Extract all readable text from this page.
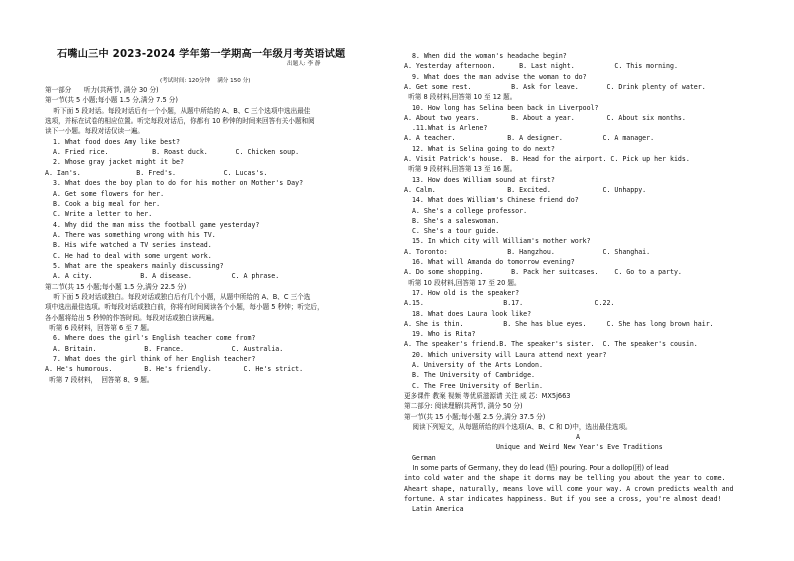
石嘴山三中 2023-2024 学年第一学期高一年级月考英语试题
出题人: 李 静
(考试时间: 120分钟    满分 150 分)
第一部分      听力(共两节, 满分 30 分)
第一节(共 5 小题;每小题 1.5 分,满分 7.5 分)
听下面 5 段对话。每段对话后有一个小题，从题中所给的 A、B、C 三个选项中选出最佳
选项，并标在试卷的相应位置。听完每段对话后，你都有 10 秒钟的时间来回答有关小题和阅
读下一小题。每段对话仅读一遍。
1. What food does Amy like best?
A. Fried rice.           B. Roast duck.       C. Chicken soup.
2. Whose gray jacket might it be?
A. Ian's.              B. Fred's.            C. Lucas's.
3. What does the boy plan to do for his mother on Mother's Day?
A. Get some flowers for her.
B. Cook a big meal for her.
C. Write a letter to her.
4. Why did the man miss the football game yesterday?
A. There was something wrong with his TV.
B. His wife watched a TV series instead.
C. He had to deal with some urgent work.
5. What are the speakers mainly discussing?
A. A city.            B. A disease.          C. A phrase.
第二节(共 15 小题;每小题 1.5 分,满分 22.5 分)
听下面 5 段对话或独白。每段对话或独白后有几个小题，从题中所给的 A、B、C 三个选
项中选出最佳选项。听每段对话或独白前，你将有时间阅读各个小题，每小题 5 秒钟；听完后，
各小题将给出 5 秒钟的作答时间。每段对话或独白读两遍。
听第 6 段材料，回答第 6 至 7 题。
6. Where does the girl's English teacher come from?
A. Britain.            B. France.            C. Australia.
7. What does the girl think of her English teacher?
A. He's humorous.        B. He's friendly.        C. He's strict.
听第 7 段材料，  回答第 8、9 题。
8. When did the woman's headache begin?
A. Yesterday afternoon.      B. Last night.          C. This morning.
9. What does the man advise the woman to do?
A. Get some rest.          B. Ask for leave.       C. Drink plenty of water.
听第 8 段材料,回答第 10 至 12 题。
10. How long has Selina been back in Liverpool?
A. About two years.        B. About a year.        C. About six months.
.11.What is Arlene?
A. A teacher.             B. A designer.          C. A manager.
12. What is Selina going to do next?
A. Visit Patrick's house.  B. Head for the airport. C. Pick up her kids.
听第 9 段材料,回答第 13 至 16 题。
13. How does William sound at first?
A. Calm.                  B. Excited.             C. Unhappy.
14. What does William's Chinese friend do?
A. She's a college professor.
B. She's a saleswoman.
C. She's a tour guide.
15. In which city will William's mother work?
A. Toronto:               B. Hangzhou.            C. Shanghai.
16. What will Amanda do tomorrow evening?
A. Do some shopping.       B. Pack her suitcases.    C. Go to a party.
听第 10 段材料,回答第 17 至 20 题。
17. How old is the speaker?
A.15.                    B.17.                  C.22.
18. What does Laura look like?
A. She is thin.          B. She has blue eyes.     C. She has long brown hair.
19. Who is Rita?
A. The speaker's friend.B. The speaker's sister.  C. The speaker's cousin.
20. Which university will Laura attend next year?
A. University of the Arts London.
B. The University of Cambridge.
C. The Free University of Berlin.
更多课件 教案 视频 等优质滋源请 关注 威 芯:  MX5j663
第二部分: 阅读理解(共两节, 满分 50 分)
第一节(共 15 小题;每小题 2.5 分,满分 37.5 分)
阅读下列短文，从每题所给的四个选项(A、B、C 和 D)中，选出最佳选项。
A
Unique and Weird New Year's Eve Traditions
German
In some parts of Germany, they do lead (铅) pouring. Pour a dollop(团) of lead
into cold water and the shape it dorms may be telling you about the year to come.
Aheart shape, naturally, means love will come your way. A crown predicts wealth and
fortune. A star indicates happiness. But if you see a cross, you're almost dead!
Latin America
